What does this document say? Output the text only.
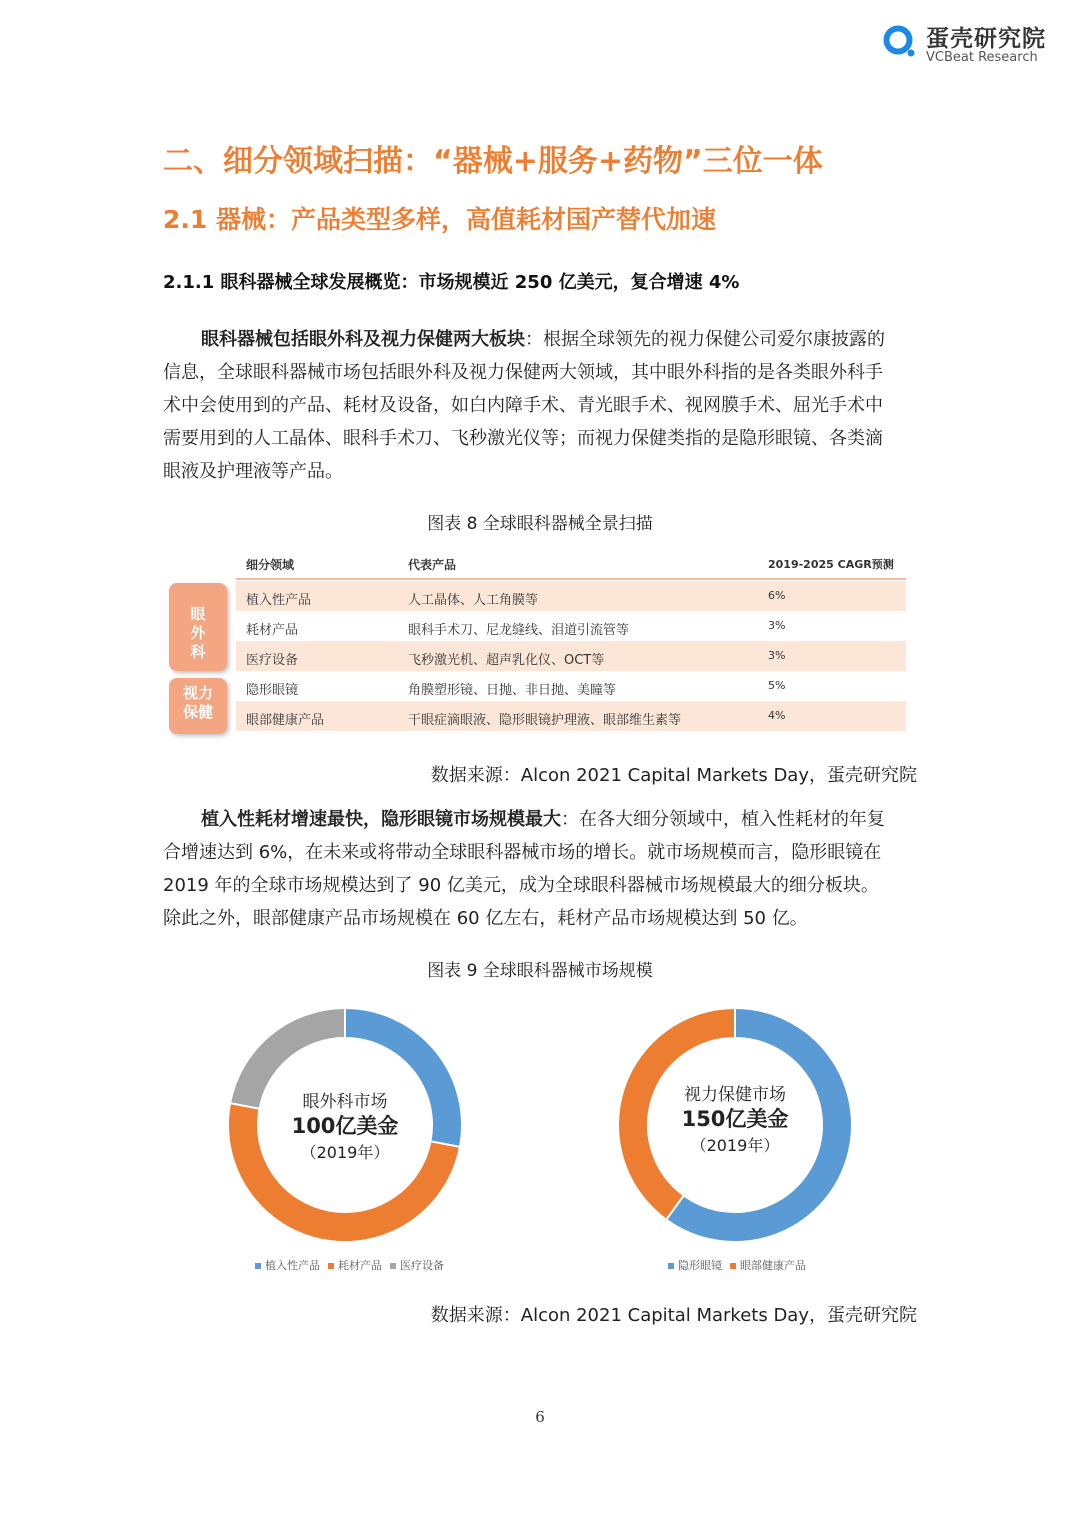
蛋壳研究院
VCBeat Research
二、细分领域扫描：“器械+服务+药物”三位一体
2.1 器械：产品类型多样，高值耗材国产替代加速
2.1.1 眼科器械全球发展概览：市场规模近 250 亿美元，复合增速 4%

眼科器械包括眼外科及视力保健两大板块：根据全球领先的视力保健公司爱尔康披露的
信息，全球眼科器械市场包括眼外科及视力保健两大领域，其中眼外科指的是各类眼外科手
术中会使用到的产品、耗材及设备，如白内障手术、青光眼手术、视网膜手术、屈光手术中
需要用到的人工晶体、眼科手术刀、飞秒激光仪等；而视力保健类指的是隐形眼镜、各类滴
眼液及护理液等产品。

图表 8 全球眼科器械全景扫描
眼
外
科
视力
保健
细分领域	代表产品	2019-2025 CAGR预测
植入性产品	人工晶体、人工角膜等	6%
耗材产品	眼科手术刀、尼龙缝线、泪道引流管等	3%
医疗设备	飞秒激光机、超声乳化仪、OCT等	3%
隐形眼镜	角膜塑形镜、日抛、非日抛、美瞳等	5%
眼部健康产品	干眼症滴眼液、隐形眼镜护理液、眼部维生素等	4%
数据来源：Alcon 2021 Capital Markets Day，蛋壳研究院

植入性耗材增速最快，隐形眼镜市场规模最大：在各大细分领域中，植入性耗材的年复
合增速达到 6%，在未来或将带动全球眼科器械市场的增长。就市场规模而言，隐形眼镜在
2019 年的全球市场规模达到了 90 亿美元，成为全球眼科器械市场规模最大的细分板块。
除此之外，眼部健康产品市场规模在 60 亿左右，耗材产品市场规模达到 50 亿。

图表 9 全球眼科器械市场规模
眼外科市场
100亿美金
（2019年）
植入性产品 耗材产品 医疗设备
视力保健市场
150亿美金
（2019年）
隐形眼镜 眼部健康产品
数据来源：Alcon 2021 Capital Markets Day，蛋壳研究院
6
